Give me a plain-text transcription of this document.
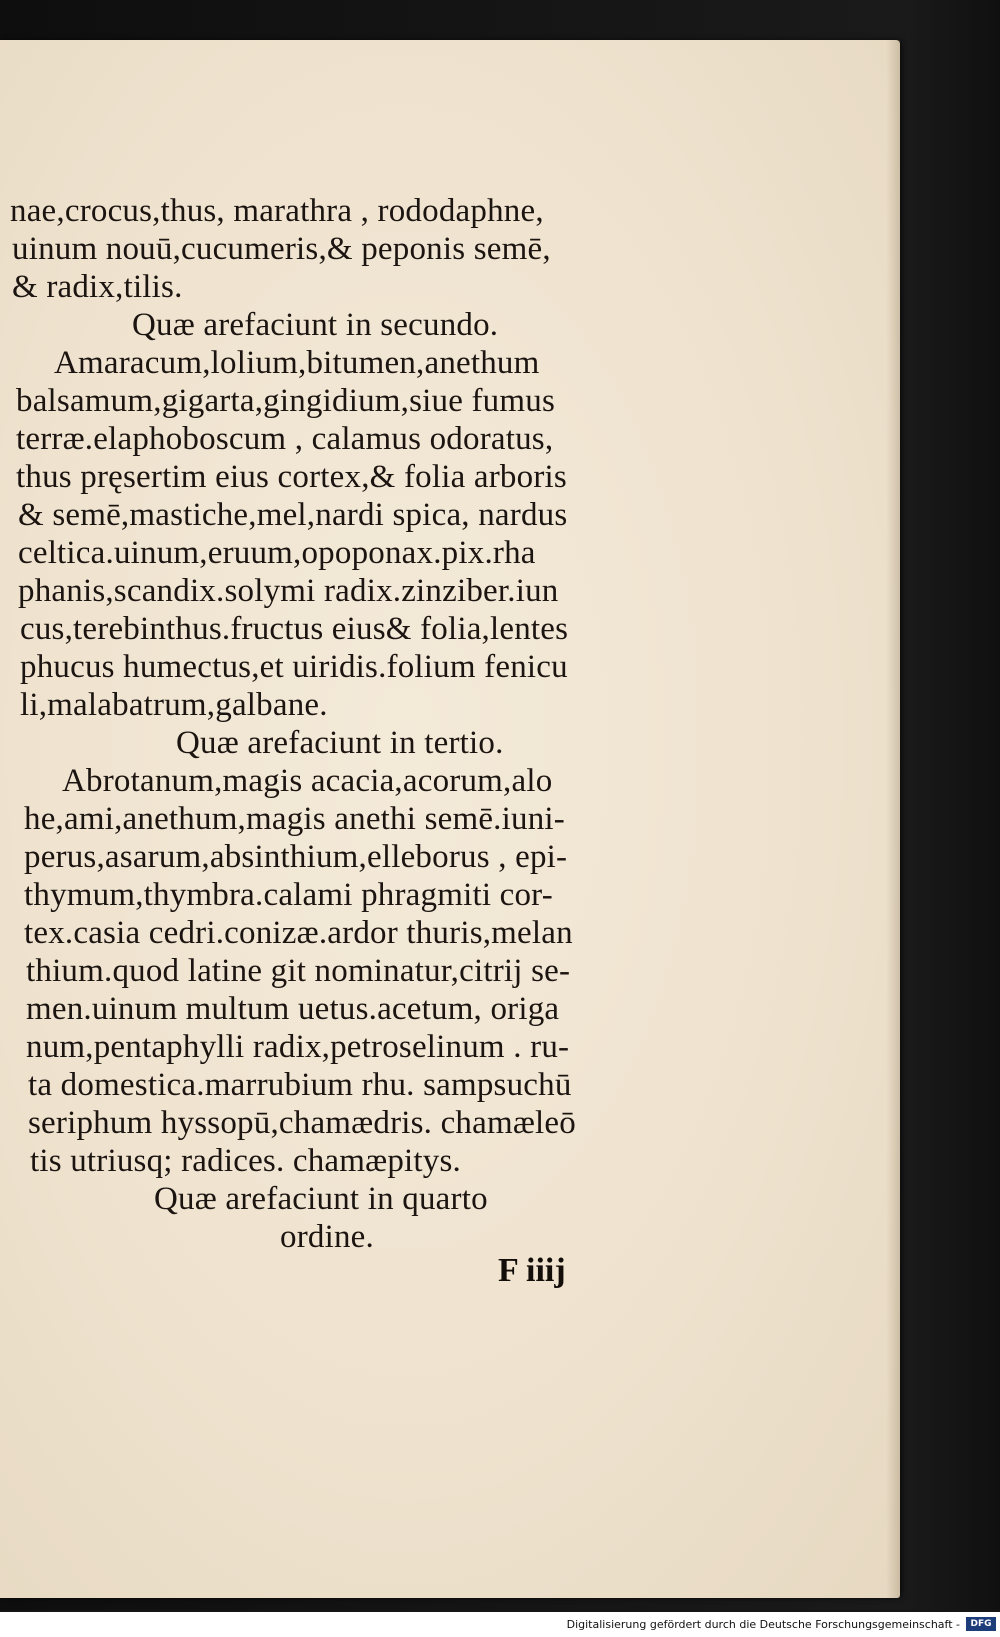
nae,crocus,thus, marathra , rododaphne,
uinum nouū,cucumeris,& peponis semē,
& radix,tilis.
Quæ arefaciunt in secundo.
Amaracum,lolium,bitumen,anethum
balsamum,gigarta,gingidium,siue fumus
terræ.elaphoboscum , calamus odoratus,
thus pręsertim eius cortex,& folia arboris
& semē,mastiche,mel,nardi spica, nardus
celtica.uinum,eruum,opoponax.pix.rha
phanis,scandix.solymi radix.zinziber.iun
cus,terebinthus.fructus eius& folia,lentes
phucus humectus,et uiridis.folium fenicu
li,malabatrum,galbane.
Quæ arefaciunt in tertio.
Abrotanum,magis acacia,acorum,alo
he,ami,anethum,magis anethi semē.iuni-
perus,asarum,absinthium,elleborus , epi-
thymum,thymbra.calami phragmiti cor-
tex.casia cedri.conizæ.ardor thuris,melan
thium.quod latine git nominatur,citrij se-
men.uinum multum uetus.acetum, origa
num,pentaphylli radix,petroselinum . ru-
ta domestica.marrubium rhu. sampsuchū
seriphum hyssopū,chamædris. chamæleō
tis utriusq; radices. chamæpitys.
Quæ arefaciunt in quarto
ordine.
F iiij
Digitalisierung gefördert durch die Deutsche Forschungsgemeinschaft -	DFG
